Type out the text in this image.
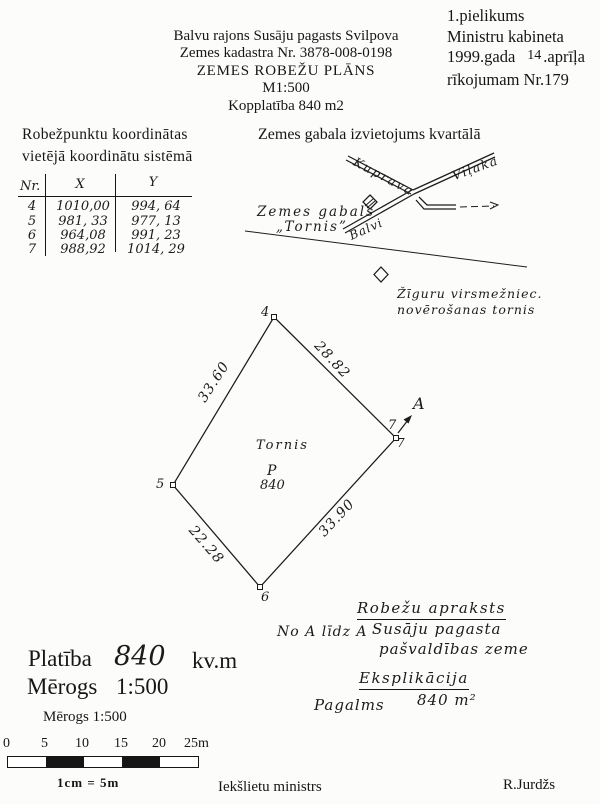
Balvu rajons Susāju pagasts Svilpova
Zemes kadastra Nr. 3878-008-0198
ZEMES ROBEŽU PLĀNS
M1:500
Kopplatība 840 m2
1.pielikums
Ministru kabineta
1999.gada 14 .aprīļa
rīkojumam Nr.179
Robežpunktu koordinātas
vietējā koordinātu sistēmā
Nr.	X	Y
4	1010,00	994, 64
5	981, 33	977, 13
6	964,08	991, 23
7	988,92	1014, 29
Zemes gabala izvietojums kvartālā
Kuprava	Viļaka
Balvi
Zemes gabals
„Tornis”
Žīguru virsmežniec.
novērošanas tornis
4
5
6
7
7
A
33.60	28.82
33.90
22.28
Tornis
P
840
Robežu apraksts
No A līdz A Susāju pagasta
pašvaldības zeme
Eksplikācija
Pagalms 840 m²
Platība 840 kv.m
Mērogs 1:500
Mērogs 1:500
0 5 10 15 20 25m
1cm = 5m	Iekšlietu ministrs	R.Jurdžs
